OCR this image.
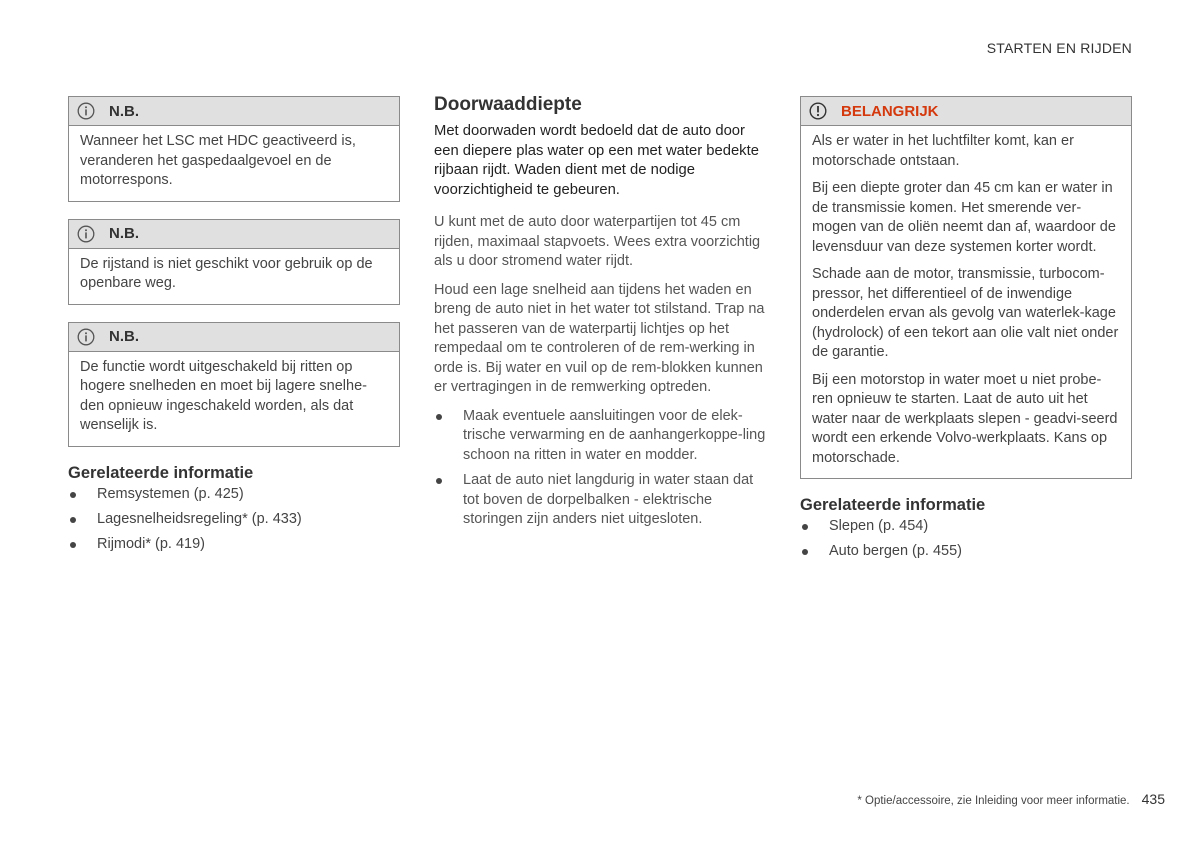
STARTEN EN RIJDEN
N.B.
Wanneer het LSC met HDC geactiveerd is, veranderen het gaspedaalgevoel en de motorrespons.
N.B.
De rijstand is niet geschikt voor gebruik op de openbare weg.
N.B.
De functie wordt uitgeschakeld bij ritten op hogere snelheden en moet bij lagere snelhe-den opnieuw ingeschakeld worden, als dat wenselijk is.
Gerelateerde informatie
Remsystemen (p. 425)
Lagesnelheidsregeling* (p. 433)
Rijmodi* (p. 419)
Doorwaaddiepte

Met doorwaden wordt bedoeld dat de auto door een diepere plas water op een met water bedekte rijbaan rijdt. Waden dient met de nodige voorzichtigheid te gebeuren.

U kunt met de auto door waterpartijen tot 45 cm rijden, maximaal stapvoets. Wees extra voorzichtig als u door stromend water rijdt.

Houd een lage snelheid aan tijdens het waden en breng de auto niet in het water tot stilstand. Trap na het passeren van de waterpartij lichtjes op het rempedaal om te controleren of de rem-werking in orde is. Bij water en vuil op de rem-blokken kunnen er vertragingen in de remwerking optreden.

Maak eventuele aansluitingen voor de elek-trische verwarming en de aanhangerkoppe-ling schoon na ritten in water en modder.
Laat de auto niet langdurig in water staan dat tot boven de dorpelbalken - elektrische storingen zijn anders niet uitgesloten.
BELANGRIJK

Als er water in het luchtfilter komt, kan er motorschade ontstaan.

Bij een diepte groter dan 45 cm kan er water in de transmissie komen. Het smerende ver-mogen van de oliën neemt dan af, waardoor de levensduur van deze systemen korter wordt.

Schade aan de motor, transmissie, turbocom-pressor, het differentieel of de inwendige onderdelen ervan als gevolg van waterlek-kage (hydrolock) of een tekort aan olie valt niet onder de garantie.

Bij een motorstop in water moet u niet probe-ren opnieuw te starten. Laat de auto uit het water naar de werkplaats slepen - geadvi-seerd wordt een erkende Volvo-werkplaats. Kans op motorschade.

Gerelateerde informatie
Slepen (p. 454)
Auto bergen (p. 455)
* Optie/accessoire, zie Inleiding voor meer informatie. 435
